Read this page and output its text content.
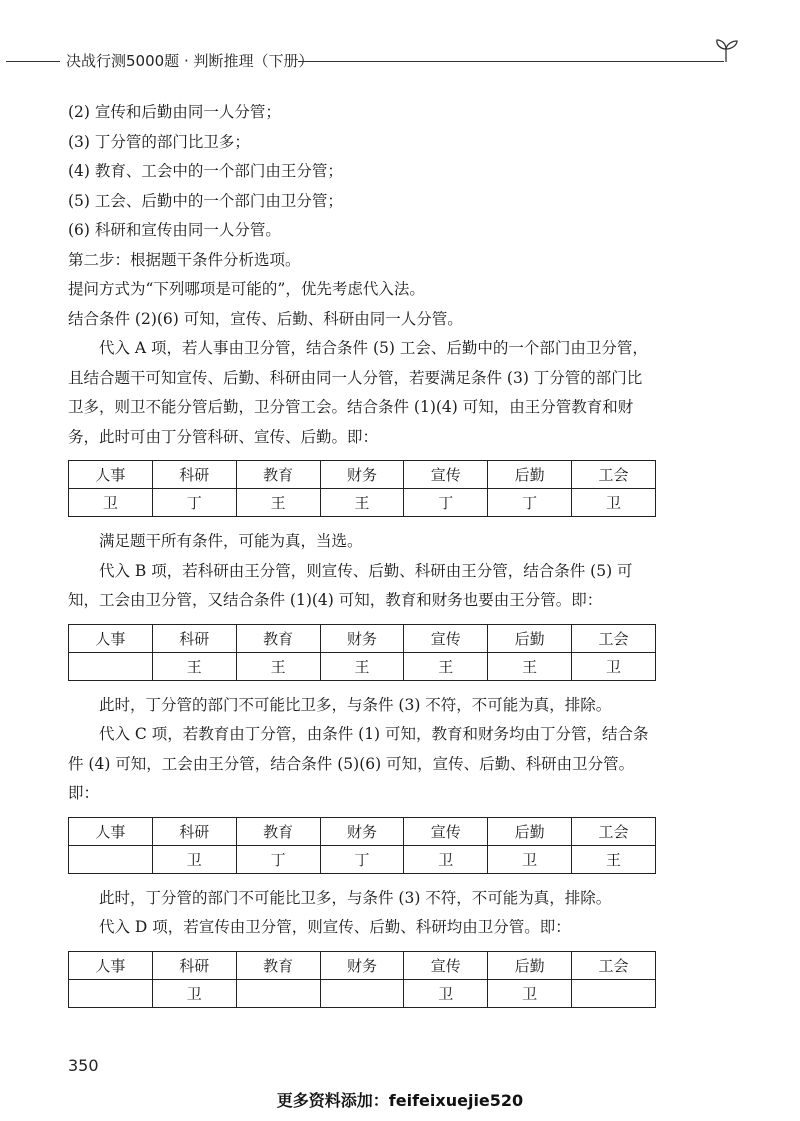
决战行测5000题 · 判断推理（下册）

(2) 宣传和后勤由同一人分管；

(3) 丁分管的部门比卫多；

(4) 教育、工会中的一个部门由王分管；

(5) 工会、后勤中的一个部门由卫分管；

(6) 科研和宣传由同一人分管。

第二步：根据题干条件分析选项。

提问方式为“下列哪项是可能的”，优先考虑代入法。

结合条件 (2)(6) 可知，宣传、后勤、科研由同一人分管。

代入 A 项，若人事由卫分管，结合条件 (5) 工会、后勤中的一个部门由卫分管，且结合题干可知宣传、后勤、科研由同一人分管，若要满足条件 (3) 丁分管的部门比卫多，则卫不能分管后勤，卫分管工会。结合条件 (1)(4) 可知，由王分管教育和财务，此时可由丁分管科研、宣传、后勤。即：

人事	科研	教育	财务	宣传	后勤	工会
卫	丁	王	王	丁	丁	卫

满足题干所有条件，可能为真，当选。

代入 B 项，若科研由王分管，则宣传、后勤、科研由王分管，结合条件 (5) 可知，工会由卫分管，又结合条件 (1)(4) 可知，教育和财务也要由王分管。即：

人事	科研	教育	财务	宣传	后勤	工会
	王	王	王	王	王	卫

此时，丁分管的部门不可能比卫多，与条件 (3) 不符，不可能为真，排除。

代入 C 项，若教育由丁分管，由条件 (1) 可知，教育和财务均由丁分管，结合条件 (4) 可知，工会由王分管，结合条件 (5)(6) 可知，宣传、后勤、科研由卫分管。即：

人事	科研	教育	财务	宣传	后勤	工会
	卫	丁	丁	卫	卫	王

此时，丁分管的部门不可能比卫多，与条件 (3) 不符，不可能为真，排除。

代入 D 项，若宣传由卫分管，则宣传、后勤、科研均由卫分管。即：

人事	科研	教育	财务	宣传	后勤	工会
	卫			卫	卫	
350
更多资料添加：feifeixuejie520
